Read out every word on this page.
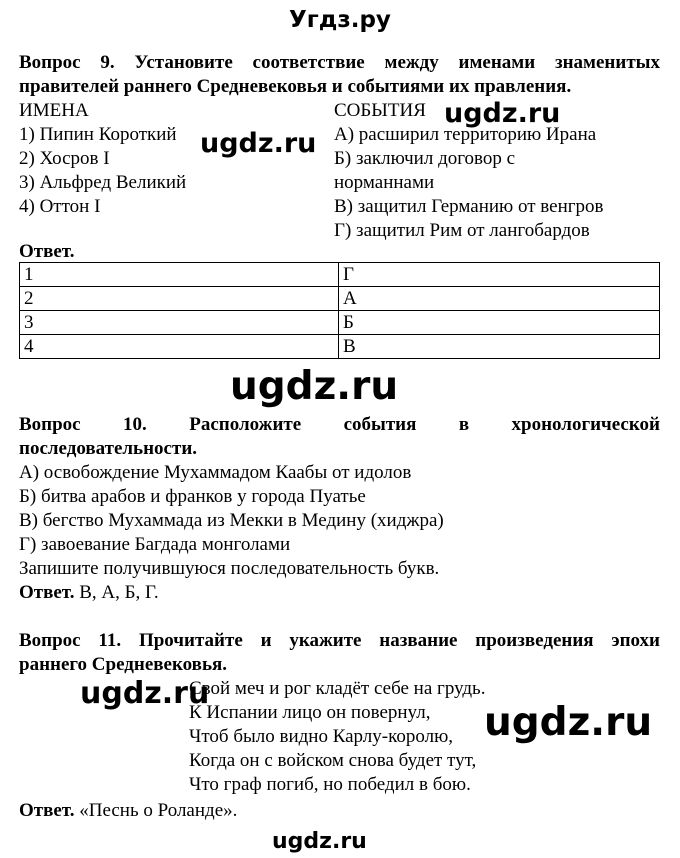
Угдз.ру
Вопрос 9. Установите соответствие между именами знаменитых
правителей раннего Средневековья и событиями их правления.
ИМЕНА
1) Пипин Короткий
2) Хосров I
3) Альфред Великий
4) Оттон I
СОБЫТИЯ
А) расширил территорию Ирана
Б) заключил договор с
норманнами
В) защитил Германию от венгров
Г) защитил Рим от лангобардов
Ответ.
1	Г
2	А
3	Б
4	В
Вопрос 10. Расположите события в хронологической
последовательности.
А) освобождение Мухаммадом Каабы от идолов
Б) битва арабов и франков у города Пуатье
В) бегство Мухаммада из Мекки в Медину (хиджра)
Г) завоевание Багдада монголами
Запишите получившуюся последовательность букв.
Ответ. В, А, Б, Г.
Вопрос 11. Прочитайте и укажите название произведения эпохи
раннего Средневековья.
Свой меч и рог кладёт себе на грудь.
К Испании лицо он повернул,
Чтоб было видно Карлу-королю,
Когда он с войском снова будет тут,
Что граф погиб, но победил в бою.
Ответ. «Песнь о Роланде».
ugdz.ru
ugdz.ru
ugdz.ru
ugdz.ru
ugdz.ru
ugdz.ru
